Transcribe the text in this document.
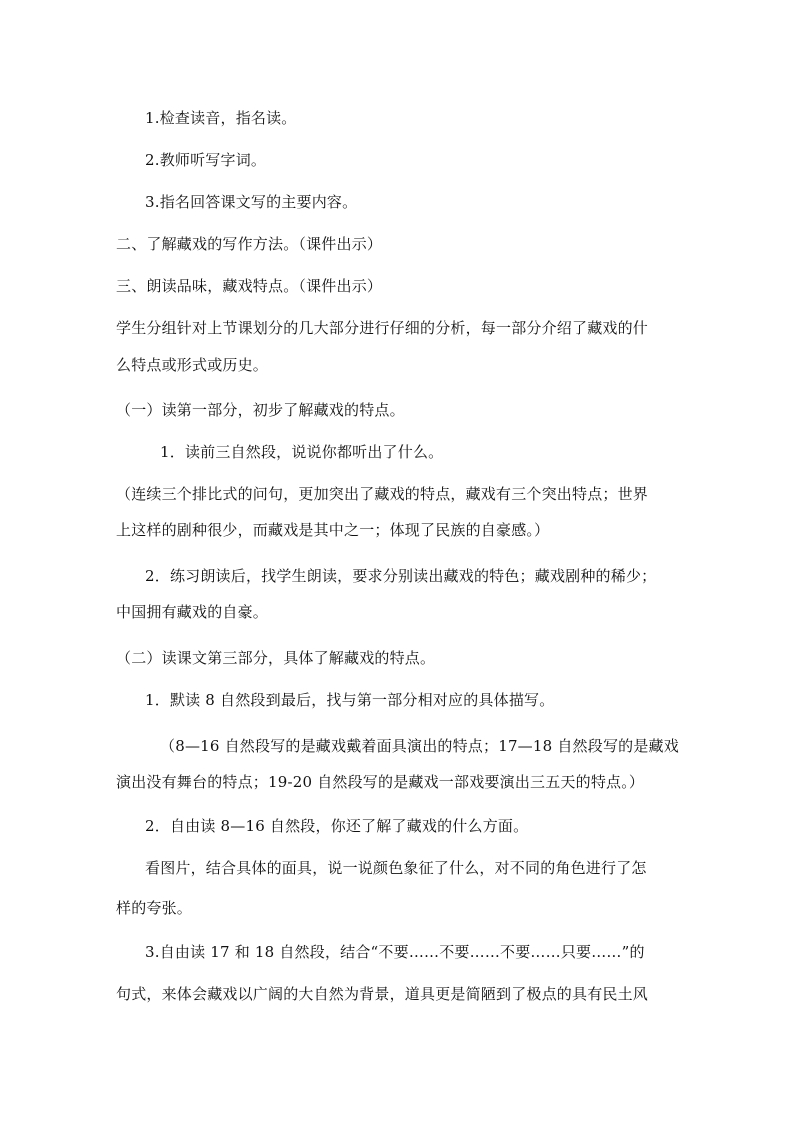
1.检查读音，指名读。
2.教师听写字词。
3.指名回答课文写的主要内容。
二、了解藏戏的写作方法。（课件出示）
三、朗读品味，藏戏特点。（课件出示）
学生分组针对上节课划分的几大部分进行仔细的分析，每一部分介绍了藏戏的什
么特点或形式或历史。
（一）读第一部分，初步了解藏戏的特点。
1．读前三自然段，说说你都听出了什么。
（连续三个排比式的问句，更加突出了藏戏的特点，藏戏有三个突出特点；世界
上这样的剧种很少，而藏戏是其中之一；体现了民族的自豪感。）
2．练习朗读后，找学生朗读，要求分别读出藏戏的特色；藏戏剧种的稀少；
中国拥有藏戏的自豪。
（二）读课文第三部分，具体了解藏戏的特点。
1．默读 8 自然段到最后，找与第一部分相对应的具体描写。
（8—16 自然段写的是藏戏戴着面具演出的特点；17—18 自然段写的是藏戏
演出没有舞台的特点；19-20 自然段写的是藏戏一部戏要演出三五天的特点。）
2．自由读 8—16 自然段，你还了解了藏戏的什么方面。
看图片，结合具体的面具，说一说颜色象征了什么，对不同的角色进行了怎
样的夸张。
3.自由读 17 和 18 自然段，结合“不要……不要……不要……只要……”的
句式，来体会藏戏以广阔的大自然为背景，道具更是简陋到了极点的具有民土风
